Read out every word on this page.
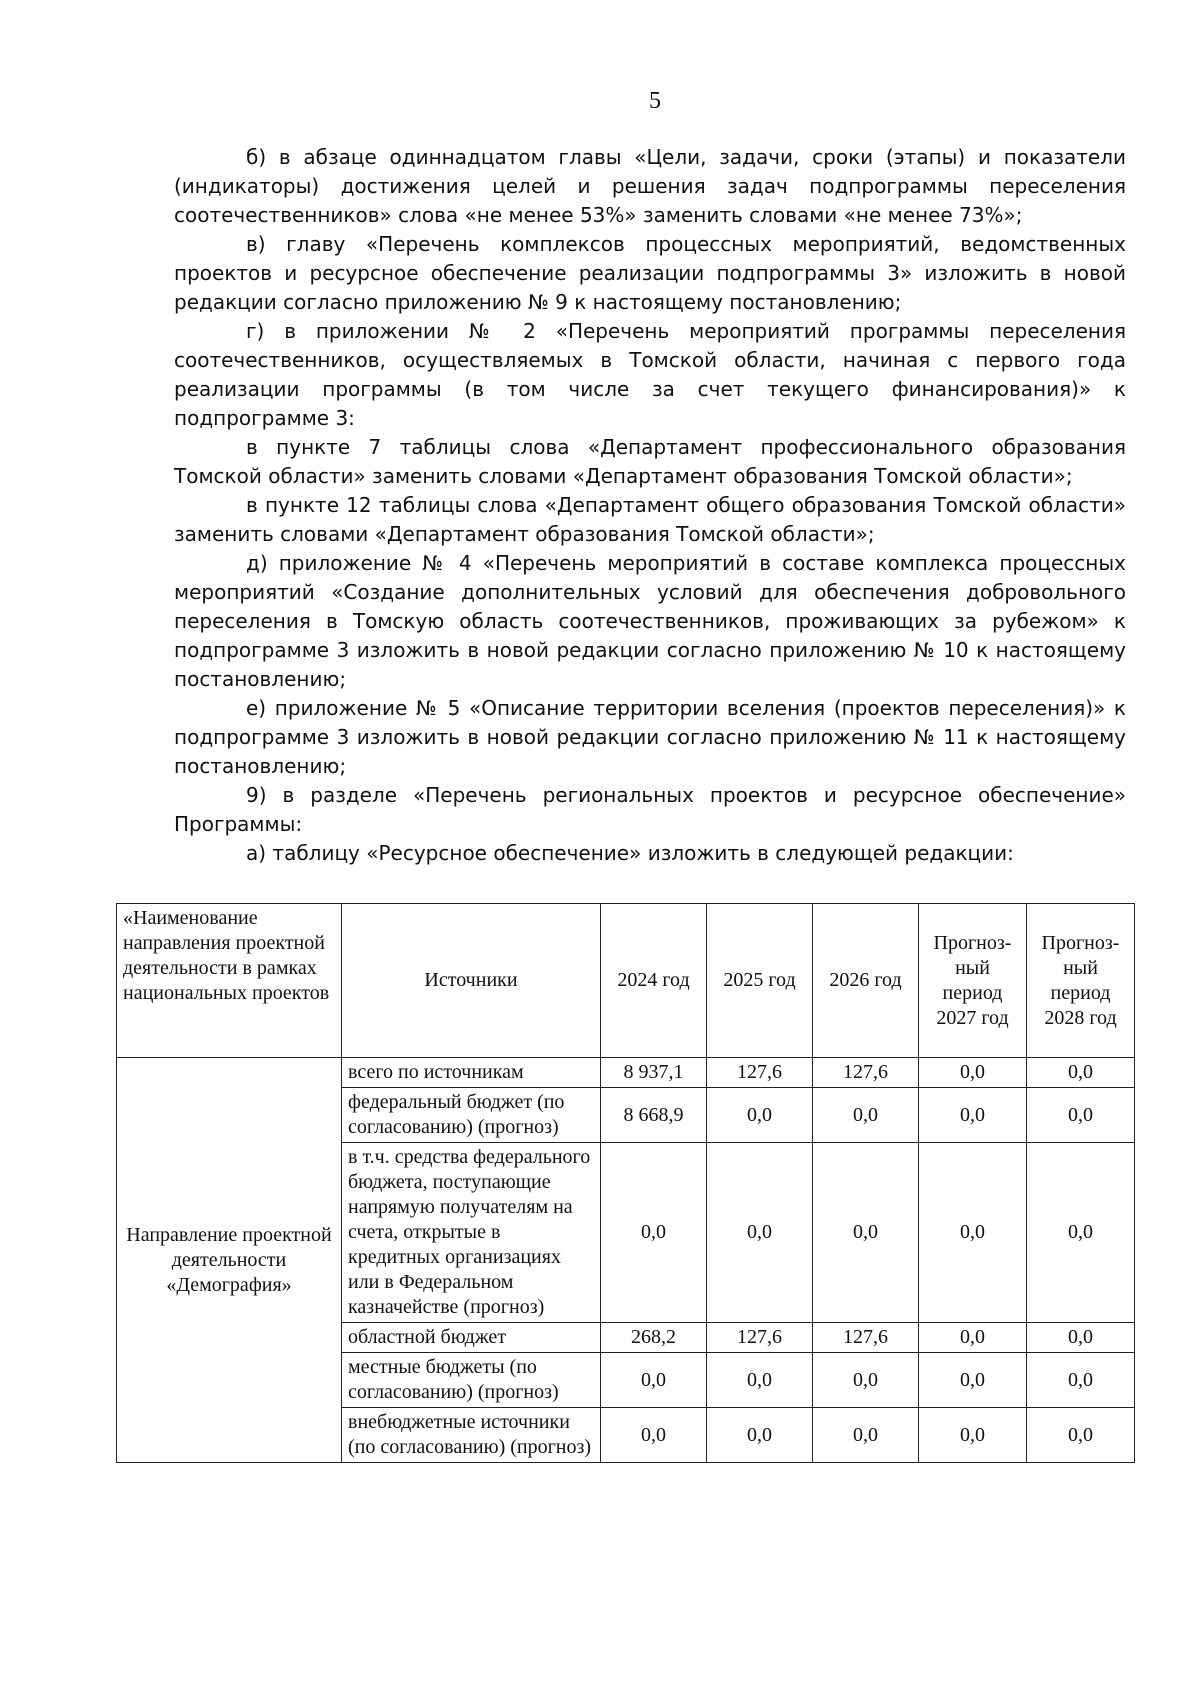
5

б) в абзаце одиннадцатом главы «Цели, задачи, сроки (этапы) и показатели (индикаторы) достижения целей и решения задач подпрограммы переселения соотечественников» слова «не менее 53%» заменить словами «не менее 73%»;

в) главу «Перечень комплексов процессных мероприятий, ведомственных проектов и ресурсное обеспечение реализации подпрограммы 3» изложить в новой редакции согласно приложению № 9 к настоящему постановлению;

г) в приложении № 2 «Перечень мероприятий программы переселения соотечественников, осуществляемых в Томской области, начиная с первого года реализации программы (в том числе за счет текущего финансирования)» к подпрограмме 3:

в пункте 7 таблицы слова «Департамент профессионального образования Томской области» заменить словами «Департамент образования Томской области»;

в пункте 12 таблицы слова «Департамент общего образования Томской области» заменить словами «Департамент образования Томской области»;

д) приложение № 4 «Перечень мероприятий в составе комплекса процессных мероприятий «Создание дополнительных условий для обеспечения добровольного переселения в Томскую область соотечественников, проживающих за рубежом» к подпрограмме 3 изложить в новой редакции согласно приложению № 10 к настоящему постановлению;

е) приложение № 5 «Описание территории вселения (проектов переселения)» к подпрограмме 3 изложить в новой редакции согласно приложению № 11 к настоящему постановлению;

9) в разделе «Перечень региональных проектов и ресурсное обеспечение» Программы:

а) таблицу «Ресурсное обеспечение» изложить в следующей редакции:

«Наименование направления проектной деятельности в рамках национальных проектов	Источники	2024 год	2025 год	2026 год	Прогноз-ный период 2027 год	Прогноз-ный период 2028 год
Направление проектной деятельности «Демография»	всего по источникам	8 937,1	127,6	127,6	0,0	0,0
	федеральный бюджет (по согласованию) (прогноз)	8 668,9	0,0	0,0	0,0	0,0
	в т.ч. средства федерального бюджета, поступающие напрямую получателям на счета, открытые в кредитных организациях или в Федеральном казначействе (прогноз)	0,0	0,0	0,0	0,0	0,0
	областной бюджет	268,2	127,6	127,6	0,0	0,0
	местные бюджеты (по согласованию) (прогноз)	0,0	0,0	0,0	0,0	0,0
	внебюджетные источники (по согласованию) (прогноз)	0,0	0,0	0,0	0,0	0,0
